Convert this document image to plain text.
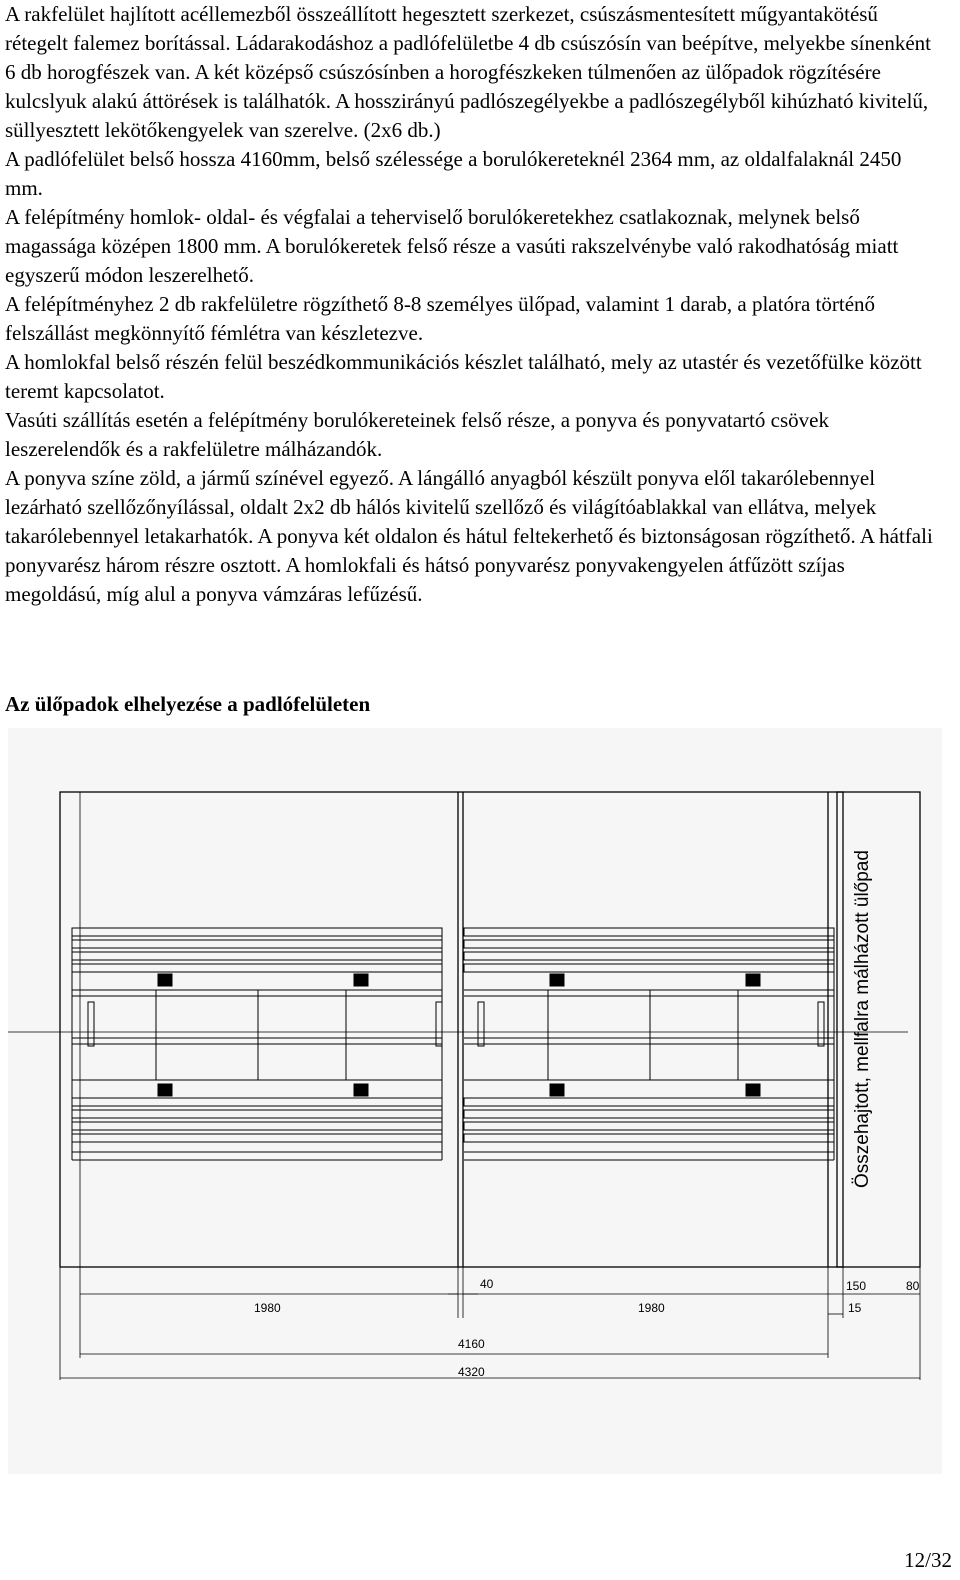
A rakfelület hajlított acéllemezből összeállított hegesztett szerkezet, csúszásmentesített műgyantakötésű rétegelt falemez borítással. Ládarakodáshoz a padlófelületbe 4 db csúszósín van beépítve, melyekbe sínenként 6 db horogfészek van. A két középső csúszósínben a horogfészkeken túlmenően az ülőpadok rögzítésére kulcslyuk alakú áttörések is találhatók. A hosszirányú padlószegélyekbe a padlószegélyből kihúzható kivitelű, süllyesztett lekötőkengyelek van szerelve. (2x6 db.)

A padlófelület belső hossza 4160mm, belső szélessége a borulókereteknél 2364 mm, az oldalfalaknál 2450 mm.

A felépítmény homlok- oldal- és végfalai a teherviselő borulókeretekhez csatlakoznak, melynek belső magassága középen 1800 mm. A borulókeretek felső része a vasúti rakszelvénybe való rakodhatóság miatt egyszerű módon leszerelhető.

A felépítményhez 2 db rakfelületre rögzíthető 8-8 személyes ülőpad, valamint 1 darab, a platóra történő felszállást megkönnyítő fémlétra van készletezve.

A homlokfal belső részén felül beszédkommunikációs készlet található, mely az utastér és vezetőfülke között teremt kapcsolatot.

Vasúti szállítás esetén a felépítmény borulókereteinek felső része, a ponyva és ponyvatartó csövek leszerelendők és a rakfelületre málházandók.

A ponyva színe zöld, a jármű színével egyező. A lángálló anyagból készült ponyva elől takarólebennyel lezárható szellőzőnyílással, oldalt 2x2 db hálós kivitelű szellőző és világítóablakkal van ellátva, melyek takarólebennyel letakarhatók. A ponyva két oldalon és hátul feltekerhető és biztonságosan rögzíthető. A hátfali ponyvarész három részre osztott. A homlokfali és hátsó ponyvarész ponyvakengyelen átfűzött szíjas megoldású, míg alul a ponyva vámzáras lefűzésű.

Az ülőpadok elhelyezése a padlófelületen
Összehajtott, mellfalra málházott ülőpad
40
1980	1980
150	80
15
4160
4320

12/32
